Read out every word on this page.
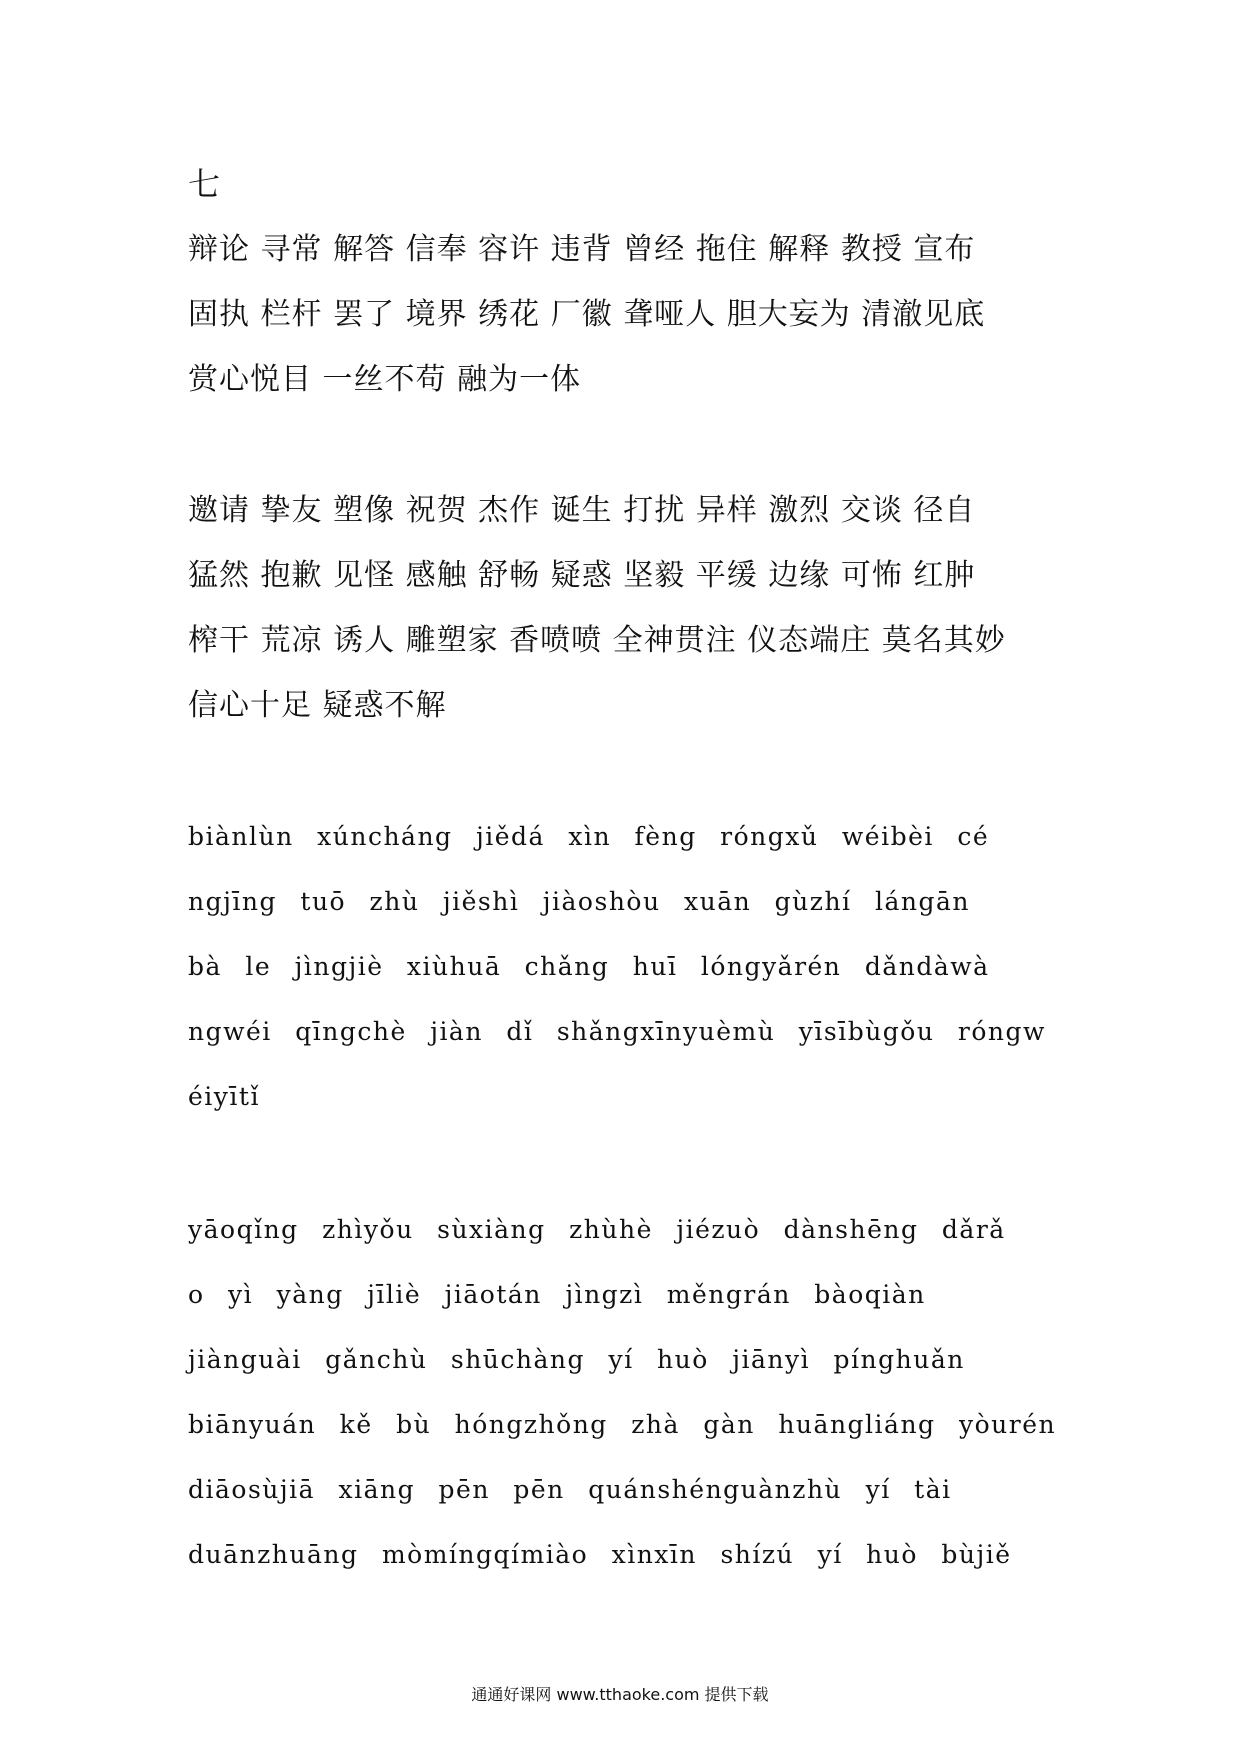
七
辩论 寻常 解答 信奉 容许 违背 曾经 拖住 解释 教授 宣布
固执 栏杆 罢了 境界 绣花 厂徽 聋哑人 胆大妄为 清澈见底
赏心悦目 一丝不苟 融为一体
邀请 挚友 塑像 祝贺 杰作 诞生 打扰 异样 激烈 交谈 径自
猛然 抱歉 见怪 感触 舒畅 疑惑 坚毅 平缓 边缘 可怖 红肿
榨干 荒凉 诱人 雕塑家 香喷喷 全神贯注 仪态端庄 莫名其妙
信心十足 疑惑不解
biànlùn xúncháng jiědá xìn fèng róngxǔ wéibèi cé
ngjīng tuō zhù jiěshì jiàoshòu xuān gùzhí lángān
bà le jìngjiè xiùhuā chǎng huī lóngyǎrén dǎndàwà
ngwéi qīngchè jiàn dǐ shǎngxīnyuèmù yīsībùgǒu róngw
éiyītǐ
yāoqǐng zhìyǒu sùxiàng zhùhè jiézuò dànshēng dǎrǎ
o yì yàng jīliè jiāotán jìngzì měngrán bàoqiàn
jiànguài gǎnchù shūchàng yí huò jiānyì pínghuǎn
biānyuán kě bù hóngzhǒng zhà gàn huāngliáng yòurén
diāosùjiā xiāng pēn pēn quánshénguànzhù yí tài
duānzhuāng mòmíngqímiào xìnxīn shízú yí huò bùjiě
通通好课网 www.tthaoke.com 提供下载
